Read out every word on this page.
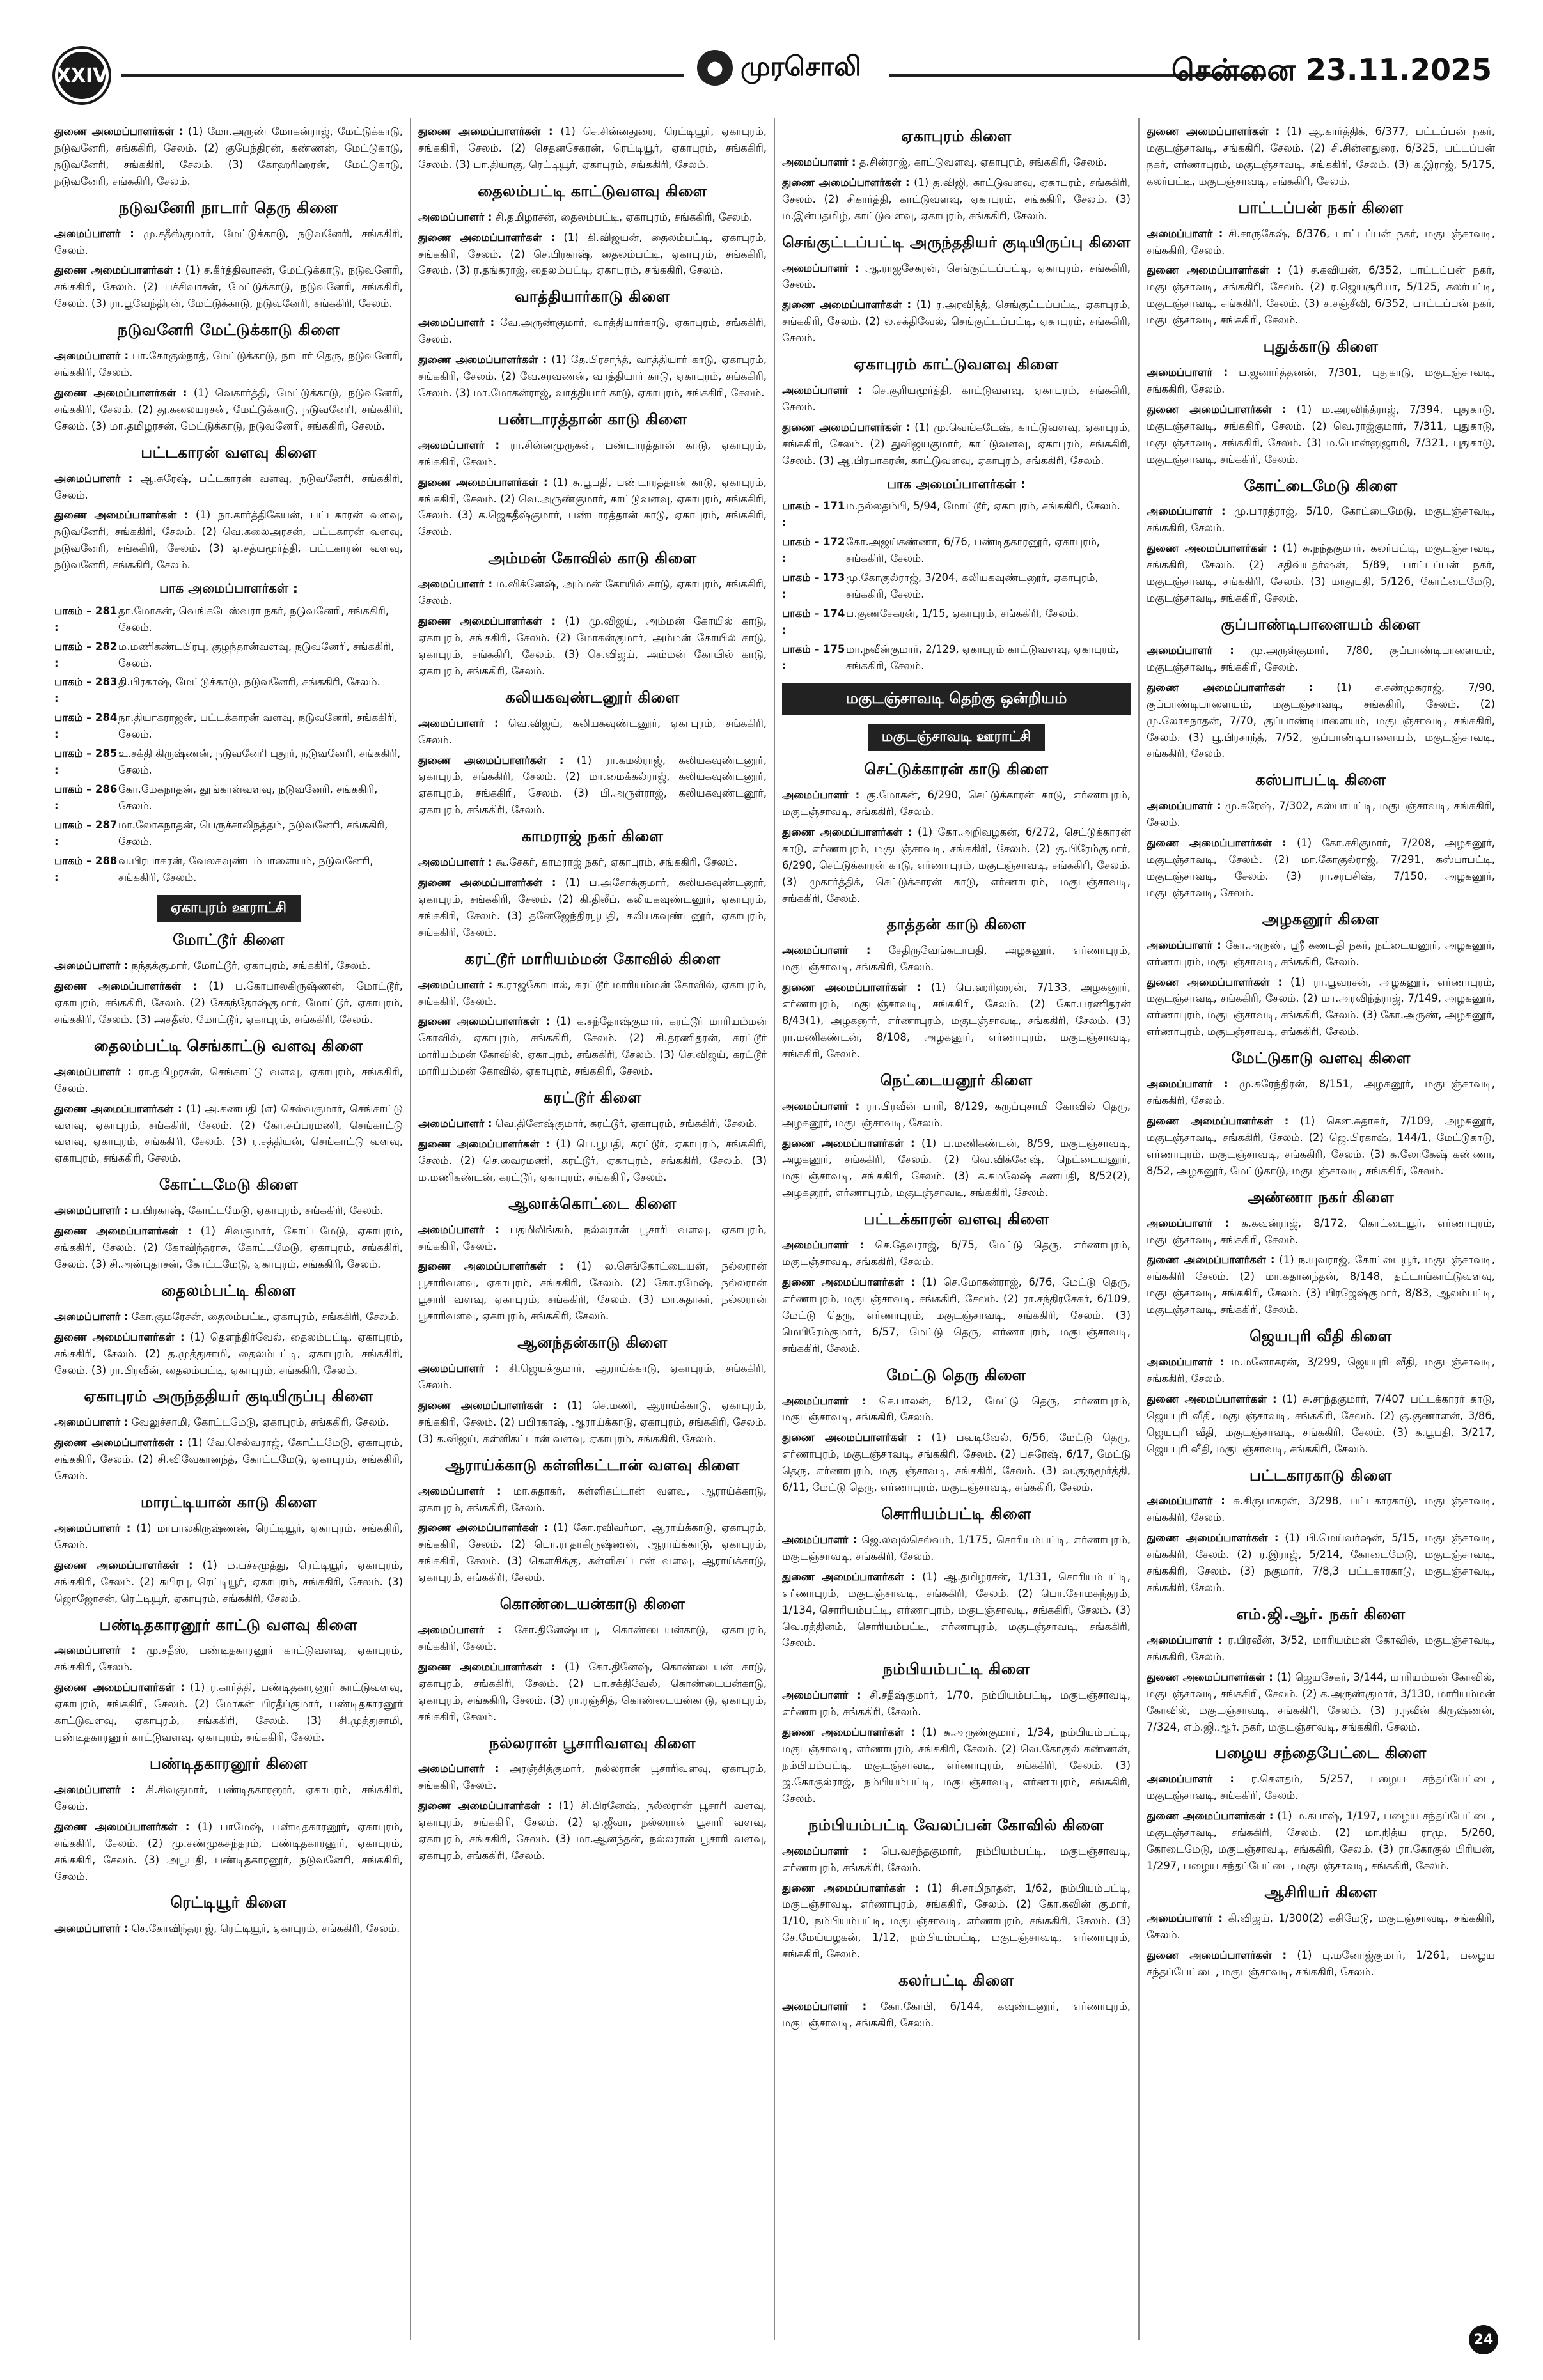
XXIV	● முரசொலி	சென்னை 23.11.2025

துணை அமைப்பாளர்கள் : (1) மோ.அருண் மோகன்ராஜ், மேட்டுக்காடு, நடுவனேரி, சங்ககிரி, சேலம். (2) குபேந்திரன், கண்ணன், மேட்டுகாடு, நடுவனேரி, சங்ககிரி, சேலம். (3) கோஹரிஹரன், மேட்டுகாடு, நடுவனேரி, சங்ககிரி, சேலம்.

நடுவனேரி நாடார் தெரு கிளை

அமைப்பாளர் : மு.சதீஸ்குமார், மேட்டுக்காடு, நடுவனேரி, சங்ககிரி, சேலம்.

துணை அமைப்பாளர்கள் : (1) ச.கீர்த்திவாசன், மேட்டுக்காடு, நடுவனேரி, சங்ககிரி, சேலம். (2) பச்சிவாசன், மேட்டுக்காடு, நடுவனேரி, சங்ககிரி, சேலம். (3) ரா.பூவேந்திரன், மேட்டுக்காடு, நடுவனேரி, சங்ககிரி, சேலம்.

நடுவனேரி மேட்டுக்காடு கிளை

அமைப்பாளர் : பா.கோகுல்நாத், மேட்டுக்காடு, நாடார் தெரு, நடுவனேரி, சங்ககிரி, சேலம்.

துணை அமைப்பாளர்கள் : (1) வெகார்த்தி, மேட்டுக்காடு, நடுவனேரி, சங்ககிரி, சேலம். (2) து.கலையரசன், மேட்டுக்காடு, நடுவனேரி, சங்ககிரி, சேலம். (3) மா.தமிழரசன், மேட்டுக்காடு, நடுவனேரி, சங்ககிரி, சேலம்.

பட்டகாரன் வளவு கிளை

அமைப்பாளர் : ஆ.சுரேஷ், பட்டகாரன் வளவு, நடுவனேரி, சங்ககிரி, சேலம்.

துணை அமைப்பாளர்கள் : (1) நா.கார்த்திகேயன், பட்டகாரன் வளவு, நடுவனேரி, சங்ககிரி, சேலம். (2) வெ.கலைஅரசன், பட்டகாரன் வளவு, நடுவனேரி, சங்ககிரி, சேலம். (3) ஏ.சத்யமூர்த்தி, பட்டகாரன் வளவு, நடுவனேரி, சங்ககிரி, சேலம்.

பாக அமைப்பாளர்கள் :
பாகம் – 281 :
தா.மோகன், வெங்கடேஸ்வரா நகர், நடுவனேரி, சங்ககிரி, சேலம்.
பாகம் – 282 :
ம.மணிகண்டபிரபு, குழந்தான்வளவு, நடுவனேரி, சங்ககிரி, சேலம்.
பாகம் – 283 :
தி.பிரகாஷ், மேட்டுக்காடு, நடுவனேரி, சங்ககிரி, சேலம்.
பாகம் – 284 :
நா.தியாகராஜன், பட்டக்காரன் வளவு, நடுவனேரி, சங்ககிரி, சேலம்.
பாகம் – 285 :
உ.சக்தி கிருஷ்ணன், நடுவனேரி புதூர், நடுவனேரி, சங்ககிரி, சேலம்.
பாகம் – 286 :
கோ.மேகநாதன், தூங்கான்வளவு, நடுவனேரி, சங்ககிரி, சேலம்.
பாகம் – 287 :
மா.லோகநாதன், பெருச்சாலிநத்தம், நடுவனேரி, சங்ககிரி, சேலம்.
பாகம் – 288 :
வ.பிரபாகரன், வேலகவுண்டம்பாளையம், நடுவனேரி, சங்ககிரி, சேலம்.
ஏகாபுரம் ஊராட்சி
மோட்டூர் கிளை

அமைப்பாளர் : நந்தக்குமார், மோட்டூர், ஏகாபுரம், சங்ககிரி, சேலம்.

துணை அமைப்பாளர்கள் : (1) ப.கோபாலகிருஷ்ணன், மோட்டூர், ஏகாபுரம், சங்ககிரி, சேலம். (2) சேசுந்தோஷ்குமார், மோட்டூர், ஏகாபுரம், சங்ககிரி, சேலம். (3) அசதீஸ், மோட்டூர், ஏகாபுரம், சங்ககிரி, சேலம்.

தைலம்பட்டி செங்காட்டு வளவு கிளை

அமைப்பாளர் : ரா.தமிழரசன், செங்காட்டு வளவு, ஏகாபுரம், சங்ககிரி, சேலம்.

துணை அமைப்பாளர்கள் : (1) அ.கணபதி (எ) செல்வகுமார், செங்காட்டு வளவு, ஏகாபுரம், சங்ககிரி, சேலம். (2) கோ.சுப்பரமணி, செங்காட்டு வளவு, ஏகாபுரம், சங்ககிரி, சேலம். (3) ர.சத்தியன், செங்காட்டு வளவு, ஏகாபுரம், சங்ககிரி, சேலம்.

கோட்டமேடு கிளை

அமைப்பாளர் : ப.பிரகாஷ், கோட்டமேடு, ஏகாபுரம், சங்ககிரி, சேலம்.

துணை அமைப்பாளர்கள் : (1) சிவகுமார், கோட்டமேடு, ஏகாபுரம், சங்ககிரி, சேலம். (2) கோவிந்தராசு, கோட்டமேடு, ஏகாபுரம், சங்ககிரி, சேலம். (3) சி.அன்புதாசன், கோட்டமேடு, ஏகாபுரம், சங்ககிரி, சேலம்.

தைலம்பட்டி கிளை

அமைப்பாளர் : கோ.குமரேசன், தைலம்பட்டி, ஏகாபுரம், சங்ககிரி, சேலம்.

துணை அமைப்பாளர்கள் : (1) தௌந்திர்வேல், தைலம்பட்டி, ஏகாபுரம், சங்ககிரி, சேலம். (2) த.முத்துசாமி, தைலம்பட்டி, ஏகாபுரம், சங்ககிரி, சேலம். (3) ரா.பிரவீன், தைலம்பட்டி, ஏகாபுரம், சங்ககிரி, சேலம்.

ஏகாபுரம் அருந்ததியர் குடியிருப்பு கிளை

அமைப்பாளர் : வேலுச்சாமி, கோட்டமேடு, ஏகாபுரம், சங்ககிரி, சேலம்.

துணை அமைப்பாளர்கள் : (1) வே.செல்வராஜ், கோட்டமேடு, ஏகாபுரம், சங்ககிரி, சேலம். (2) சி.விவேகானந்த், கோட்டமேடு, ஏகாபுரம், சங்ககிரி, சேலம்.

மாரட்டியான் காடு கிளை

அமைப்பாளர் : (1) மாபாலகிருஷ்ணன், ரெட்டியூர், ஏகாபுரம், சங்ககிரி, சேலம்.

துணை அமைப்பாளர்கள் : (1) ம.பச்சமுத்து, ரெட்டியூர், ஏகாபுரம், சங்ககிரி, சேலம். (2) சுபிரபு, ரெட்டியூர், ஏகாபுரம், சங்ககிரி, சேலம். (3) ஜொஜோசன், ரெட்டியூர், ஏகாபுரம், சங்ககிரி, சேலம்.

பண்டிதகாரனூர் காட்டு வளவு கிளை

அமைப்பாளர் : மு.சதீஸ், பண்டிதகாரனூர் காட்டுவளவு, ஏகாபுரம், சங்ககிரி, சேலம்.

துணை அமைப்பாளர்கள் : (1) ர.கார்த்தி, பண்டிதகாரனூர் காட்டுவளவு, ஏகாபுரம், சங்ககிரி, சேலம். (2) மோகன் பிரதீப்குமார், பண்டிதகாரனூர் காட்டுவளவு, ஏகாபுரம், சங்ககிரி, சேலம். (3) சி.முத்துசாமி, பண்டிதகாரனூர் காட்டுவளவு, ஏகாபுரம், சங்ககிரி, சேலம்.

பண்டிதகாரனூர் கிளை

அமைப்பாளர் : சி.சிவகுமார், பண்டிதகாரனூர், ஏகாபுரம், சங்ககிரி, சேலம்.

துணை அமைப்பாளர்கள் : (1) பாமேஷ், பண்டிதகாரனூர், ஏகாபுரம், சங்ககிரி, சேலம். (2) மு.சண்முகசுந்தரம், பண்டிதகாரனூர், ஏகாபுரம், சங்ககிரி, சேலம். (3) அபூபதி, பண்டிதகாரனூர், நடுவனேரி, சங்ககிரி, சேலம்.

ரெட்டியூர் கிளை

அமைப்பாளர் : செ.கோவிந்தராஜ், ரெட்டியூர், ஏகாபுரம், சங்ககிரி, சேலம்.

துணை அமைப்பாளர்கள் : (1) செ.சின்னதுரை, ரெட்டியூர், ஏகாபுரம், சங்ககிரி, சேலம். (2) செதனசேகரன், ரெட்டியூர், ஏகாபுரம், சங்ககிரி, சேலம். (3) பா.தியாகு, ரெட்டியூர், ஏகாபுரம், சங்ககிரி, சேலம்.

தைலம்பட்டி காட்டுவளவு கிளை

அமைப்பாளர் : சி.தமிழரசன், தைலம்பட்டி, ஏகாபுரம், சங்ககிரி, சேலம்.

துணை அமைப்பாளர்கள் : (1) கி.விஜயன், தைலம்பட்டி, ஏகாபுரம், சங்ககிரி, சேலம். (2) செ.பிரகாஷ், தைலம்பட்டி, ஏகாபுரம், சங்ககிரி, சேலம். (3) ர.தங்கராஜ், தைலம்பட்டி, ஏகாபுரம், சங்ககிரி, சேலம்.

வாத்தியார்காடு கிளை

அமைப்பாளர் : வே.அருண்குமார், வாத்தியார்காடு, ஏகாபுரம், சங்ககிரி, சேலம்.

துணை அமைப்பாளர்கள் : (1) தே.பிரசாந்த், வாத்தியார் காடு, ஏகாபுரம், சங்ககிரி, சேலம். (2) வே.சரவணன், வாத்தியார் காடு, ஏகாபுரம், சங்ககிரி, சேலம். (3) மா.மோகன்ராஜ், வாத்தியார் காடு, ஏகாபுரம், சங்ககிரி, சேலம்.

பண்டாரத்தான் காடு கிளை

அமைப்பாளர் : ரா.சின்னமுருகன், பண்டாரத்தான் காடு, ஏகாபுரம், சங்ககிரி, சேலம்.

துணை அமைப்பாளர்கள் : (1) சு.பூபதி, பண்டாரத்தான் காடு, ஏகாபுரம், சங்ககிரி, சேலம். (2) வெ.அருண்குமார், காட்டுவளவு, ஏகாபுரம், சங்ககிரி, சேலம். (3) க.ஜெகதீஷ்குமார், பண்டாரத்தான் காடு, ஏகாபுரம், சங்ககிரி, சேலம்.

அம்மன் கோவில் காடு கிளை

அமைப்பாளர் : ம.விக்னேஷ், அம்மன் கோயில் காடு, ஏகாபுரம், சங்ககிரி, சேலம்.

துணை அமைப்பாளர்கள் : (1) மு.விஜய், அம்மன் கோயில் காடு, ஏகாபுரம், சங்ககிரி, சேலம். (2) மோகன்குமார், அம்மன் கோயில் காடு, ஏகாபுரம், சங்ககிரி, சேலம். (3) செ.விஜய், அம்மன் கோயில் காடு, ஏகாபுரம், சங்ககிரி, சேலம்.

கலியகவுண்டனூர் கிளை

அமைப்பாளர் : வெ.விஜய், கலியகவுண்டனூர், ஏகாபுரம், சங்ககிரி, சேலம்.

துணை அமைப்பாளர்கள் : (1) ரா.கமல்ராஜ், கலியகவுண்டனூர், ஏகாபுரம், சங்ககிரி, சேலம். (2) மா.மைக்கல்ராஜ், கலியகவுண்டனூர், ஏகாபுரம், சங்ககிரி, சேலம். (3) பி.அருள்ராஜ், கலியகவுண்டனூர், ஏகாபுரம், சங்ககிரி, சேலம்.

காமராஜ் நகர் கிளை

அமைப்பாளர் : கூ.சேகர், காமராஜ் நகர், ஏகாபுரம், சங்ககிரி, சேலம்.

துணை அமைப்பாளர்கள் : (1) ப.அசோக்குமார், கலியகவுண்டனூர், ஏகாபுரம், சங்ககிரி, சேலம். (2) கி.திலீப், கலியகவுண்டனூர், ஏகாபுரம், சங்ககிரி, சேலம். (3) தனேஜேந்திரபூபதி, கலியகவுண்டனூர், ஏகாபுரம், சங்ககிரி, சேலம்.

கரட்டூர் மாரியம்மன் கோவில் கிளை

அமைப்பாளர் : க.ராஜகோபால், கரட்டூர் மாரியம்மன் கோவில், ஏகாபுரம், சங்ககிரி, சேலம்.

துணை அமைப்பாளர்கள் : (1) க.சந்தோஷ்குமார், கரட்டூர் மாரியம்மன் கோவில், ஏகாபுரம், சங்ககிரி, சேலம். (2) சி.தரணிதரன், கரட்டூர் மாரியம்மன் கோவில், ஏகாபுரம், சங்ககிரி, சேலம். (3) செ.விஜய், கரட்டூர் மாரியம்மன் கோவில், ஏகாபுரம், சங்ககிரி, சேலம்.

கரட்டூர் கிளை

அமைப்பாளர் : வெ.தினேஷ்குமார், கரட்டூர், ஏகாபுரம், சங்ககிரி, சேலம்.

துணை அமைப்பாளர்கள் : (1) பெ.பூபதி, கரட்டூர், ஏகாபுரம், சங்ககிரி, சேலம். (2) செ.வைரமணி, கரட்டூர், ஏகாபுரம், சங்ககிரி, சேலம். (3) ம.மணிகண்டன், கரட்டூர், ஏகாபுரம், சங்ககிரி, சேலம்.

ஆலாக்கொட்டை கிளை

அமைப்பாளர் : பதமிலிங்கம், நல்லரான் பூசாரி வளவு, ஏகாபுரம், சங்ககிரி, சேலம்.

துணை அமைப்பாளர்கள் : (1) ல.செங்கோட்டையன், நல்லரான் பூசாரிவளவு, ஏகாபுரம், சங்ககிரி, சேலம். (2) கோ.ரமேஷ், நல்லரான் பூசாரி வளவு, ஏகாபுரம், சங்ககிரி, சேலம். (3) மா.சுதாகர், நல்லரான் பூசாரிவளவு, ஏகாபுரம், சங்ககிரி, சேலம்.

ஆனந்தன்காடு கிளை

அமைப்பாளர் : சி.ஜெயக்குமார், ஆராய்க்காடு, ஏகாபுரம், சங்ககிரி, சேலம்.

துணை அமைப்பாளர்கள் : (1) செ.மணி, ஆராய்க்காடு, ஏகாபுரம், சங்ககிரி, சேலம். (2) பபிரகாஷ், ஆராய்க்காடு, ஏகாபுரம், சங்ககிரி, சேலம். (3) க.விஜய், கள்ளிகட்டான் வளவு, ஏகாபுரம், சங்ககிரி, சேலம்.

ஆராய்க்காடு கள்ளிகட்டான் வளவு கிளை

அமைப்பாளர் : மா.சுதாகர், கள்ளிகட்டான் வளவு, ஆராய்க்காடு, ஏகாபுரம், சங்ககிரி, சேலம்.

துணை அமைப்பாளர்கள் : (1) கோ.ரவிவர்மா, ஆராய்க்காடு, ஏகாபுரம், சங்ககிரி, சேலம். (2) பொ.ராதாகிருஷ்ணன், ஆராய்க்காடு, ஏகாபுரம், சங்ககிரி, சேலம். (3) கௌசிக்கு, கள்ளிகட்டான் வளவு, ஆராய்க்காடு, ஏகாபுரம், சங்ககிரி, சேலம்.

கொண்டையன்காடு கிளை

அமைப்பாளர் : கோ.தினேஷ்பாபு, கொண்டையன்காடு, ஏகாபுரம், சங்ககிரி, சேலம்.

துணை அமைப்பாளர்கள் : (1) கோ.தினேஷ், கொண்டையன் காடு, ஏகாபுரம், சங்ககிரி, சேலம். (2) பா.சக்திவேல், கொண்டையன்காடு, ஏகாபுரம், சங்ககிரி, சேலம். (3) ரா.ரஞ்சித், கொண்டையன்காடு, ஏகாபுரம், சங்ககிரி, சேலம்.

நல்லரான் பூசாரிவளவு கிளை

அமைப்பாளர் : அரஞ்சித்குமார், நல்லரான் பூசாரிவளவு, ஏகாபுரம், சங்ககிரி, சேலம்.

துணை அமைப்பாளர்கள் : (1) சி.பிரனேஷ், நல்லரான் பூசாரி வளவு, ஏகாபுரம், சங்ககிரி, சேலம். (2) ஏ.ஜீவா, நல்லரான் பூசாரி வளவு, ஏகாபுரம், சங்ககிரி, சேலம். (3) மா.ஆனந்தன், நல்லரான் பூசாரி வளவு, ஏகாபுரம், சங்ககிரி, சேலம்.

ஏகாபுரம் கிளை

அமைப்பாளர் : த.சின்ராஜ், காட்டுவளவு, ஏகாபுரம், சங்ககிரி, சேலம்.

துணை அமைப்பாளர்கள் : (1) த.விஜி, காட்டுவளவு, ஏகாபுரம், சங்ககிரி, சேலம். (2) சிகார்த்தி, காட்டுவளவு, ஏகாபுரம், சங்ககிரி, சேலம். (3) ம.இன்பதமிழ், காட்டுவளவு, ஏகாபுரம், சங்ககிரி, சேலம்.

செங்குட்டப்பட்டி அருந்ததியர் குடியிருப்பு கிளை

அமைப்பாளர் : ஆ.ராஜசேகரன், செங்குட்டப்பட்டி, ஏகாபுரம், சங்ககிரி, சேலம்.

துணை அமைப்பாளர்கள் : (1) ர.அரவிந்த், செங்குட்டப்பட்டி, ஏகாபுரம், சங்ககிரி, சேலம். (2) ல.சக்திவேல், செங்குட்டப்பட்டி, ஏகாபுரம், சங்ககிரி, சேலம்.

ஏகாபுரம் காட்டுவளவு கிளை

அமைப்பாளர் : செ.சூரியமூர்த்தி, காட்டுவளவு, ஏகாபுரம், சங்ககிரி, சேலம்.

துணை அமைப்பாளர்கள் : (1) மு.வெங்கடேஷ், காட்டுவளவு, ஏகாபுரம், சங்ககிரி, சேலம். (2) துவிஜயகுமார், காட்டுவளவு, ஏகாபுரம், சங்ககிரி, சேலம். (3) ஆ.பிரபாகரன், காட்டுவளவு, ஏகாபுரம், சங்ககிரி, சேலம்.

பாக அமைப்பாளர்கள் :
பாகம் – 171 :
ம.நல்லதம்பி, 5/94, மோட்டூர், ஏகாபுரம், சங்ககிரி, சேலம்.
பாகம் – 172 :
கோ.அஜய்கண்ணா, 6/76, பண்டிதகாரனூர், ஏகாபுரம், சங்ககிரி, சேலம்.
பாகம் – 173 :
மு.கோகுல்ராஜ், 3/204, கலியகவுண்டனூர், ஏகாபுரம், சங்ககிரி, சேலம்.
பாகம் – 174 :
ப.குணசேகரன், 1/15, ஏகாபுரம், சங்ககிரி, சேலம்.
பாகம் – 175 :
மா.நவீன்குமார், 2/129, ஏகாபுரம் காட்டுவளவு, ஏகாபுரம், சங்ககிரி, சேலம்.
மகுடஞ்சாவடி தெற்கு ஒன்றியம்
மகுடஞ்சாவடி ஊராட்சி
செட்டுக்காரன் காடு கிளை

அமைப்பாளர் : கு.மோகன், 6/290, செட்டுக்காரன் காடு, எர்ணாபுரம், மகுடஞ்சாவடி, சங்ககிரி, சேலம்.

துணை அமைப்பாளர்கள் : (1) கோ.அறிவழகன், 6/272, செட்டுக்காரன் காடு, எர்ணாபுரம், மகுடஞ்சாவடி, சங்ககிரி, சேலம். (2) கு.பிரேம்குமார், 6/290, செட்டுக்காரன் காடு, எர்ணாபுரம், மகுடஞ்சாவடி, சங்ககிரி, சேலம். (3) முகார்த்திக், செட்டுக்காரன் காடு, எர்ணாபுரம், மகுடஞ்சாவடி, சங்ககிரி, சேலம்.

தாத்தன் காடு கிளை

அமைப்பாளர் : சேதிருவேங்கடாபதி, அழகனூர், எர்ணாபுரம், மகுடஞ்சாவடி, சங்ககிரி, சேலம்.

துணை அமைப்பாளர்கள் : (1) பெ.ஹரிஹரன், 7/133, அழகனூர், எர்ணாபுரம், மகுடஞ்சாவடி, சங்ககிரி, சேலம். (2) கோ.பரணிதரன் 8/43(1), அழகனூர், எர்ணாபுரம், மகுடஞ்சாவடி, சங்ககிரி, சேலம். (3) ரா.மணிகண்டன், 8/108, அழகனூர், எர்ணாபுரம், மகுடஞ்சாவடி, சங்ககிரி, சேலம்.

நெட்டையனூர் கிளை

அமைப்பாளர் : ரா.பிரவீன் பாரி, 8/129, கருப்புசாமி கோவில் தெரு, அழகனூர், மகுடஞ்சாவடி, சேலம்.

துணை அமைப்பாளர்கள் : (1) ப.மணிகண்டன், 8/59, மகுடஞ்சாவடி, அழகனூர், சங்ககிரி, சேலம். (2) வெ.விக்னேஷ், நெட்டையனூர், மகுடஞ்சாவடி, சங்ககிரி, சேலம். (3) க.கமலேஷ் கணபதி, 8/52(2), அழகனூர், எர்ணாபுரம், மகுடஞ்சாவடி, சங்ககிரி, சேலம்.

பட்டக்காரன் வளவு கிளை

அமைப்பாளர் : செ.தேவராஜ், 6/75, மேட்டு தெரு, எர்ணாபுரம், மகுடஞ்சாவடி, சங்ககிரி, சேலம்.

துணை அமைப்பாளர்கள் : (1) செ.மோகன்ராஜ், 6/76, மேட்டு தெரு, எர்ணாபுரம், மகுடஞ்சாவடி, சங்ககிரி, சேலம். (2) ரா.சந்திரசேகர், 6/109, மேட்டு தெரு, எர்ணாபுரம், மகுடஞ்சாவடி, சங்ககிரி, சேலம். (3) மெபிரேம்குமார், 6/57, மேட்டு தெரு, எர்ணாபுரம், மகுடஞ்சாவடி, சங்ககிரி, சேலம்.

மேட்டு தெரு கிளை

அமைப்பாளர் : செ.பாலன், 6/12, மேட்டு தெரு, எர்ணாபுரம், மகுடஞ்சாவடி, சங்ககிரி, சேலம்.

துணை அமைப்பாளர்கள் : (1) பவடிவேல், 6/56, மேட்டு தெரு, எர்ணாபுரம், மகுடஞ்சாவடி, சங்ககிரி, சேலம். (2) பசுரேஷ், 6/17, மேட்டு தெரு, எர்ணாபுரம், மகுடஞ்சாவடி, சங்ககிரி, சேலம். (3) வ.குருமூர்த்தி, 6/11, மேட்டு தெரு, எர்ணாபுரம், மகுடஞ்சாவடி, சங்ககிரி, சேலம்.

சொரியம்பட்டி கிளை

அமைப்பாளர் : ஜெ.லவுல்செல்வம், 1/175, சொரியம்பட்டி, எர்ணாபுரம், மகுடஞ்சாவடி, சங்ககிரி, சேலம்.

துணை அமைப்பாளர்கள் : (1) ஆ.தமிழரசன், 1/131, சொரியம்பட்டி, எர்ணாபுரம், மகுடஞ்சாவடி, சங்ககிரி, சேலம். (2) பொ.சோமசுந்தரம், 1/134, சொரியம்பட்டி, எர்ணாபுரம், மகுடஞ்சாவடி, சங்ககிரி, சேலம். (3) வெ.ரத்தினம், சொரியம்பட்டி, எர்ணாபுரம், மகுடஞ்சாவடி, சங்ககிரி, சேலம்.

நம்பியம்பட்டி கிளை

அமைப்பாளர் : சி.சதீஷ்குமார், 1/70, நம்பியம்பட்டி, மகுடஞ்சாவடி, எர்ணாபுரம், சங்ககிரி, சேலம்.

துணை அமைப்பாளர்கள் : (1) சு.அருண்குமார், 1/34, நம்பியம்பட்டி, மகுடஞ்சாவடி, எர்ணாபுரம், சங்ககிரி, சேலம். (2) வெ.கோகுல் கண்ணன், நம்பியம்பட்டி, மகுடஞ்சாவடி, எர்ணாபுரம், சங்ககிரி, சேலம். (3) ஜ.கோகுல்ராஜ், நம்பியம்பட்டி, மகுடஞ்சாவடி, எர்ணாபுரம், சங்ககிரி, சேலம்.

நம்பியம்பட்டி வேலப்பன் கோவில் கிளை

அமைப்பாளர் : பெ.வசந்தகுமார், நம்பியம்பட்டி, மகுடஞ்சாவடி, எர்ணாபுரம், சங்ககிரி, சேலம்.

துணை அமைப்பாளர்கள் : (1) சி.சாமிநாதன், 1/62, நம்பியம்பட்டி, மகுடஞ்சாவடி, எர்ணாபுரம், சங்ககிரி, சேலம். (2) கோ.கவின் குமார், 1/10, நம்பியம்பட்டி, மகுடஞ்சாவடி, எர்ணாபுரம், சங்ககிரி, சேலம். (3) சே.மேய்யழகன், 1/12, நம்பியம்பட்டி, மகுடஞ்சாவடி, எர்ணாபுரம், சங்ககிரி, சேலம்.

கலர்பட்டி கிளை

அமைப்பாளர் : கோ.கோபி, 6/144, கவுண்டனூர், எர்ணாபுரம், மகுடஞ்சாவடி, சங்ககிரி, சேலம்.

துணை அமைப்பாளர்கள் : (1) ஆ.கார்த்திக், 6/377, பட்டப்பன் நகர், மகுடஞ்சாவடி, சங்ககிரி, சேலம். (2) சி.சின்னதுரை, 6/325, பட்டப்பன் நகர், எர்ணாபுரம், மகுடஞ்சாவடி, சங்ககிரி, சேலம். (3) க.இராஜ், 5/175, கலர்பட்டி, மகுடஞ்சாவடி, சங்ககிரி, சேலம்.

பாட்டப்பன் நகர் கிளை

அமைப்பாளர் : சி.சாருகேஷ், 6/376, பாட்டப்பன் நகர், மகுடஞ்சாவடி, சங்ககிரி, சேலம்.

துணை அமைப்பாளர்கள் : (1) ச.கவியன், 6/352, பாட்டப்பன் நகர், மகுடஞ்சாவடி, சங்ககிரி, சேலம். (2) ர.ஜெயசூரியா, 5/125, கலர்பட்டி, மகுடஞ்சாவடி, சங்ககிரி, சேலம். (3) ச.சஞ்சீவி, 6/352, பாட்டப்பன் நகர், மகுடஞ்சாவடி, சங்ககிரி, சேலம்.

புதுக்காடு கிளை

அமைப்பாளர் : ப.ஜனார்த்தனன், 7/301, புதுகாடு, மகுடஞ்சாவடி, சங்ககிரி, சேலம்.

துணை அமைப்பாளர்கள் : (1) ம.அரவிந்த்ராஜ், 7/394, புதுகாடு, மகுடஞ்சாவடி, சங்ககிரி, சேலம். (2) வெ.ராஜ்குமார், 7/311, புதுகாடு, மகுடஞ்சாவடி, சங்ககிரி, சேலம். (3) ம.பொன்னுஜாமி, 7/321, புதுகாடு, மகுடஞ்சாவடி, சங்ககிரி, சேலம்.

கோட்டைமேடு கிளை

அமைப்பாளர் : மு.பாரத்ராஜ், 5/10, கோட்டைமேடு, மகுடஞ்சாவடி, சங்ககிரி, சேலம்.

துணை அமைப்பாளர்கள் : (1) சு.நந்தகுமார், கலர்பட்டி, மகுடஞ்சாவடி, சங்ககிரி, சேலம். (2) சதிவ்யதர்ஷன், 5/89, பாட்டப்பன் நகர், மகுடஞ்சாவடி, சங்ககிரி, சேலம். (3) மாதுபதி, 5/126, கோட்டைமேடு, மகுடஞ்சாவடி, சங்ககிரி, சேலம்.

குப்பாண்டிபாளையம் கிளை

அமைப்பாளர் : மு.அருள்குமார், 7/80, குப்பாண்டிபாளையம், மகுடஞ்சாவடி, சங்ககிரி, சேலம்.

துணை அமைப்பாளர்கள் : (1) ச.சண்முகராஜ், 7/90, குப்பாண்டிபாளையம், மகுடஞ்சாவடி, சங்ககிரி, சேலம். (2) மு.லோகநாதன், 7/70, குப்பாண்டிபாளையம், மகுடஞ்சாவடி, சங்ககிரி, சேலம். (3) பூ.பிரசாந்த், 7/52, குப்பாண்டிபாளையம், மகுடஞ்சாவடி, சங்ககிரி, சேலம்.

கஸ்பாபட்டி கிளை

அமைப்பாளர் : மு.சுரேஷ், 7/302, கஸ்பாபட்டி, மகுடஞ்சாவடி, சங்ககிரி, சேலம்.

துணை அமைப்பாளர்கள் : (1) கோ.சசிகுமார், 7/208, அழகனூர், மகுடஞ்சாவடி, சேலம். (2) மா.கோகுல்ராஜ், 7/291, கஸ்பாபட்டி, மகுடஞ்சாவடி, சேலம். (3) ரா.சரபசிஷ், 7/150, அழகனூர், மகுடஞ்சாவடி, சேலம்.

அழகனூர் கிளை

அமைப்பாளர் : கோ.அருண், ஸ்ரீ கணபதி நகர், நட்டையனூர், அழகனூர், எர்ணாபுரம், மகுடஞ்சாவடி, சங்ககிரி, சேலம்.

துணை அமைப்பாளர்கள் : (1) ரா.பூவரசன், அழகனூர், எர்ணாபுரம், மகுடஞ்சாவடி, சங்ககிரி, சேலம். (2) மா.அரவிந்த்ராஜ், 7/149, அழகனூர், எர்ணாபுரம், மகுடஞ்சாவடி, சங்ககிரி, சேலம். (3) கோ.அருண், அழகனூர், எர்ணாபுரம், மகுடஞ்சாவடி, சங்ககிரி, சேலம்.

மேட்டுகாடு வளவு கிளை

அமைப்பாளர் : மு.சுரேந்திரன், 8/151, அழகனூர், மகுடஞ்சாவடி, சங்ககிரி, சேலம்.

துணை அமைப்பாளர்கள் : (1) கௌ.சுதாகர், 7/109, அழகனூர், மகுடஞ்சாவடி, சங்ககிரி, சேலம். (2) ஜெ.பிரகாஷ், 144/1, மேட்டுகாடு, எர்ணாபுரம், மகுடஞ்சாவடி, சங்ககிரி, சேலம். (3) க.லோகேஷ் கண்ணா, 8/52, அழகனூர், மேட்டுகாடு, மகுடஞ்சாவடி, சங்ககிரி, சேலம்.

அண்ணா நகர் கிளை

அமைப்பாளர் : க.கவுன்ராஜ், 8/172, கொட்டையூர், எர்ணாபுரம், மகுடஞ்சாவடி, சங்ககிரி, சேலம்.

துணை அமைப்பாளர்கள் : (1) ந.யுவராஜ், கோட்டையூர், மகுடஞ்சாவடி, சங்ககிரி சேலம். (2) மா.கதானந்தன், 8/148, தட்டாங்காட்டுவளவு, மகுடஞ்சாவடி, சங்ககிரி, சேலம். (3) பிரஜேஷ்குமார், 8/83, ஆலம்பட்டி, மகுடஞ்சாவடி, சங்ககிரி, சேலம்.

ஜெயபுரி வீதி கிளை

அமைப்பாளர் : ம.மனோகரன், 3/299, ஜெயபுரி வீதி, மகுடஞ்சாவடி, சங்ககிரி, சேலம்.

துணை அமைப்பாளர்கள் : (1) சு.சாந்தகுமார், 7/407 பட்டக்காரர் காடு, ஜெயபுரி வீதி, மகுடஞ்சாவடி, சங்ககிரி, சேலம். (2) கு.குணாளன், 3/86, ஜெயபுரி வீதி, மகுடஞ்சாவடி, சங்ககிரி, சேலம். (3) க.பூபதி, 3/217, ஜெயபுரி வீதி, மகுடஞ்சாவடி, சங்ககிரி, சேலம்.

பட்டகாரகாடு கிளை

அமைப்பாளர் : சு.கிருபாகரன், 3/298, பட்டகாரகாடு, மகுடஞ்சாவடி, சங்ககிரி, சேலம்.

துணை அமைப்பாளர்கள் : (1) பி.மெய்வர்ஷன், 5/15, மகுடஞ்சாவடி, சங்ககிரி, சேலம். (2) ர.இராஜ், 5/214, கோடைமேடு, மகுடஞ்சாவடி, சங்ககிரி, சேலம். (3) நகுமார், 7/8,3 பட்டகாரகாடு, மகுடஞ்சாவடி, சங்ககிரி, சேலம்.

எம்.ஜி.ஆர். நகர் கிளை

அமைப்பாளர் : ர.பிரவீன், 3/52, மாரியம்மன் கோவில், மகுடஞ்சாவடி, சங்ககிரி, சேலம்.

துணை அமைப்பாளர்கள் : (1) ஜெயசேகர், 3/144, மாரியம்மன் கோவில், மகுடஞ்சாவடி, சங்ககிரி, சேலம். (2) க.அருண்குமார், 3/130, மாரியம்மன் கோவில், மகுடஞ்சாவடி, சங்ககிரி, சேலம். (3) ர.நவீன் கிருஷ்ணன், 7/324, எம்.ஜி.ஆர். நகர், மகுடஞ்சாவடி, சங்ககிரி, சேலம்.

பழைய சந்தைபேட்டை கிளை

அமைப்பாளர் : ர.கௌதம், 5/257, பழைய சந்தப்பேட்டை, மகுடஞ்சாவடி, சங்ககிரி, சேலம்.

துணை அமைப்பாளர்கள் : (1) ம.கபாஷ், 1/197, பழைய சந்தப்பேட்டை, மகுடஞ்சாவடி, சங்ககிரி, சேலம். (2) மா.நித்ய ராமு, 5/260, கோடைமேடு, மகுடஞ்சாவடி, சங்ககிரி, சேலம். (3) ரா.கோகுல் பிரியன், 1/297, பழைய சந்தப்பேட்டை, மகுடஞ்சாவடி, சங்ககிரி, சேலம்.

ஆசிரியர் கிளை

அமைப்பாளர் : கி.விஜய், 1/300(2) கசிமேடு, மகுடஞ்சாவடி, சங்ககிரி, சேலம்.

துணை அமைப்பாளர்கள் : (1) பு.மனோஜ்குமார், 1/261, பழைய சந்தப்பேட்டை, மகுடஞ்சாவடி, சங்ககிரி, சேலம்.

24
